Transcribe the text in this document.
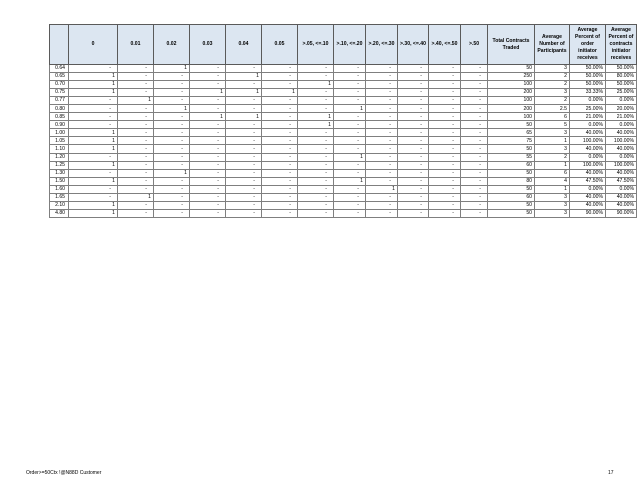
	0	0.01	0.02	0.03	0.04	0.05	>.05, <=.10	>.10, <=.20	>.20, <=.30	>.30, <=.40	>.40, <=.50	>.50	Total Contracts Traded	Average Number of Participants	Average Percent of order initiator receives	Average Percent of contracts initiator receives
0.64	-	-	1	-	-	-	-	-	-	-	-	-	50	3	50.00%	50.00%
0.65	1	-	-	-	1	-	-	-	-	-	-	-	250	2	50.00%	80.00%
0.70	1	-	-	-	-	-	1	-	-	-	-	-	100	2	50.00%	50.00%
0.75	1	-	-	1	1	1	-	-	-	-	-	-	200	3	33.33%	25.00%
0.77	-	1	-	-	-	-	-	-	-	-	-	-	100	2	0.00%	0.00%
0.80	-	-	1	-	-	-	-	1	-	-	-	-	200	2.5	25.00%	20.00%
0.85	-	-	-	1	1	-	1	-	-	-	-	-	100	6	21.00%	21.00%
0.90	-	-	-	-	-	-	1	-	-	-	-	-	50	5	0.00%	0.00%
1.00	1	-	-	-	-	-	-	-	-	-	-	-	65	3	40.00%	40.00%
1.05	1	-	-	-	-	-	-	-	-	-	-	-	75	1	100.00%	100.00%
1.10	1	-	-	-	-	-	-	-	-	-	-	-	50	3	40.00%	40.00%
1.20	-	-	-	-	-	-	-	1	-	-	-	-	55	2	0.00%	0.00%
1.25	1	-	-	-	-	-	-	-	-	-	-	-	60	1	100.00%	100.00%
1.30	-	-	1	-	-	-	-	-	-	-	-	-	50	6	40.00%	40.00%
1.50	1	-	-	-	-	-	-	1	-	-	-	-	80	4	47.50%	47.50%
1.60	-	-	-	-	-	-	-	-	1	-	-	-	50	1	0.00%	0.00%
1.65	-	1	-	-	-	-	-	-	-	-	-	-	60	3	40.00%	40.00%
2.10	1	-	-	-	-	-	-	-	-	-	-	-	50	3	40.00%	40.00%
4.80	1	-	-	-	-	-	-	-	-	-	-	-	50	3	90.00%	90.00%
Order>=50Ctx !@N88D Customer	17
